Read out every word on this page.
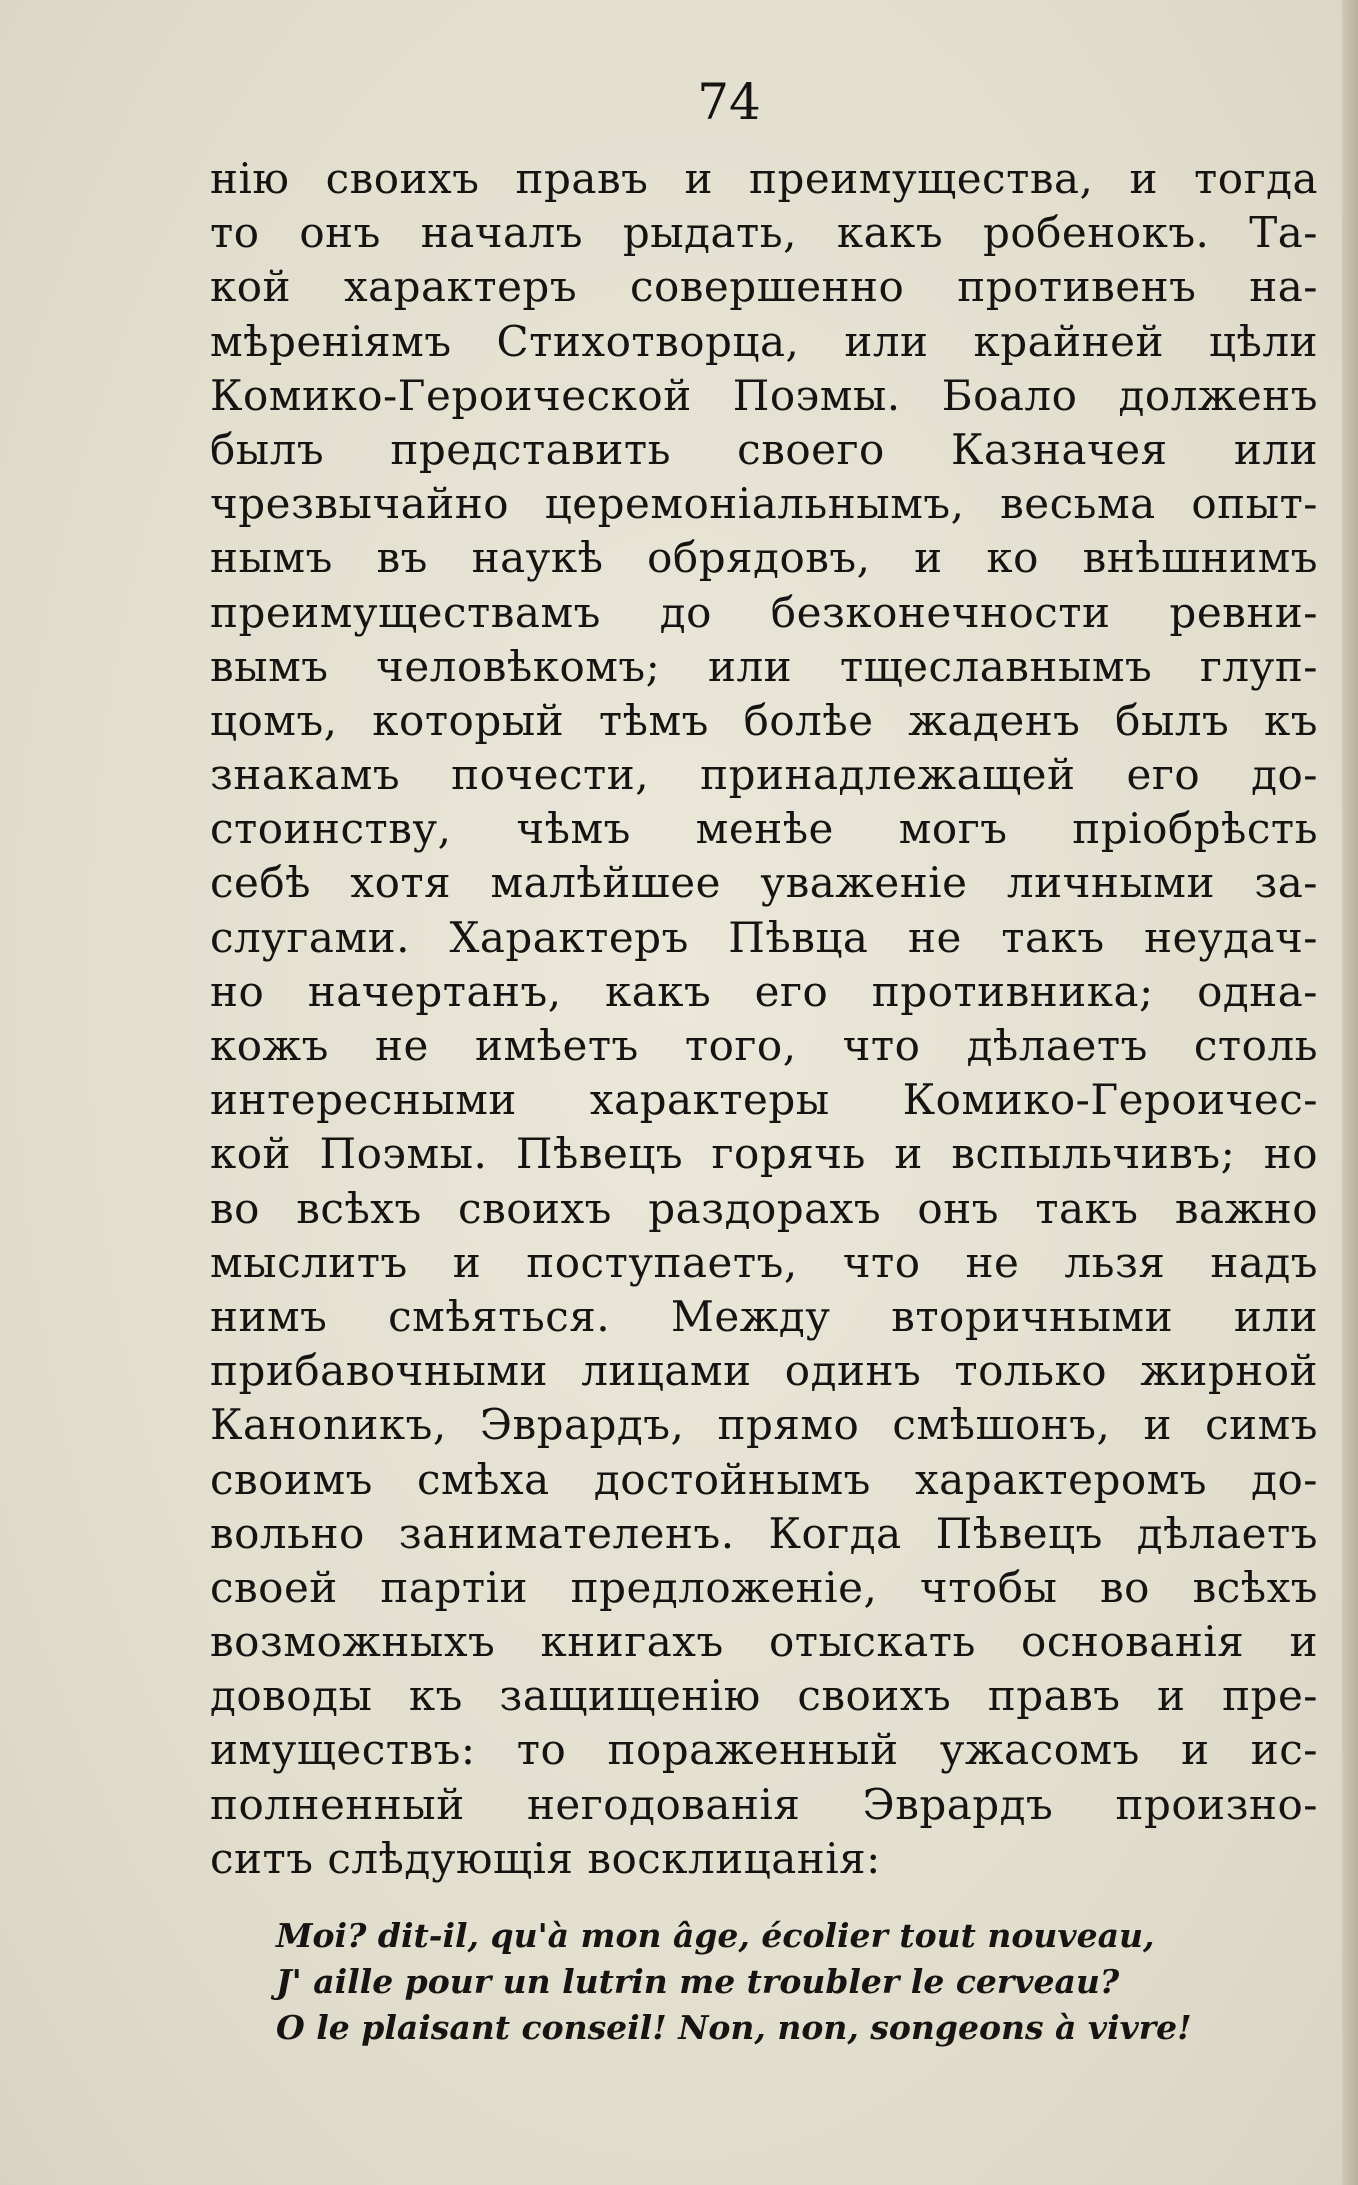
74
нію своихъ правъ и преимущества, и тогда
то онъ началъ рыдать, какъ робенокъ. Та-
кой характеръ совершенно противенъ на-
мѣреніямъ Стихотворца, или крайней цѣли
Комико-Героической Поэмы. Боало долженъ
былъ представить своего Казначея или
чрезвычайно церемоніальнымъ, весьма опыт-
нымъ въ наукѣ обрядовъ, и ко внѣшнимъ
преимуществамъ до безконечности ревни-
вымъ человѣкомъ; или тщеславнымъ глуп-
цомъ, который тѣмъ болѣе жаденъ былъ къ
знакамъ почести, принадлежащей его до-
стоинству, чѣмъ менѣе могъ пріобрѣсть
себѣ хотя малѣйшее уваженіе личными за-
слугами. Характеръ Пѣвца не такъ неудач-
но начертанъ, какъ его противника; одна-
кожъ не имѣетъ того, что дѣлаетъ столь
интересными характеры Комико-Героичес-
кой Поэмы. Пѣвецъ горячь и вспыльчивъ; но
во всѣхъ своихъ раздорахъ онъ такъ важно
мыслитъ и поступаетъ, что не льзя надъ
нимъ смѣяться. Между вторичными или
прибавочными лицами одинъ только жирной
Канonикъ, Эврардъ, прямо смѣшонъ, и симъ
своимъ смѣха достойнымъ характеромъ до-
вольно занимателенъ. Когда Пѣвецъ дѣлаетъ
своей партіи предложеніе, чтобы во всѣхъ
возможныхъ книгахъ отыскать основанія и
доводы къ защищенію своихъ правъ и пре-
имуществъ: то пораженный ужасомъ и ис-
полненный негодованія Эврардъ произно-
ситъ слѣдующія восклицанія:
Moi? dit-il, qu'à mon âge, écolier tout nouveau,
J' aille pour un lutrin me troubler le cerveau?
O le plaisant conseil! Non, non, songeons à vivre!
